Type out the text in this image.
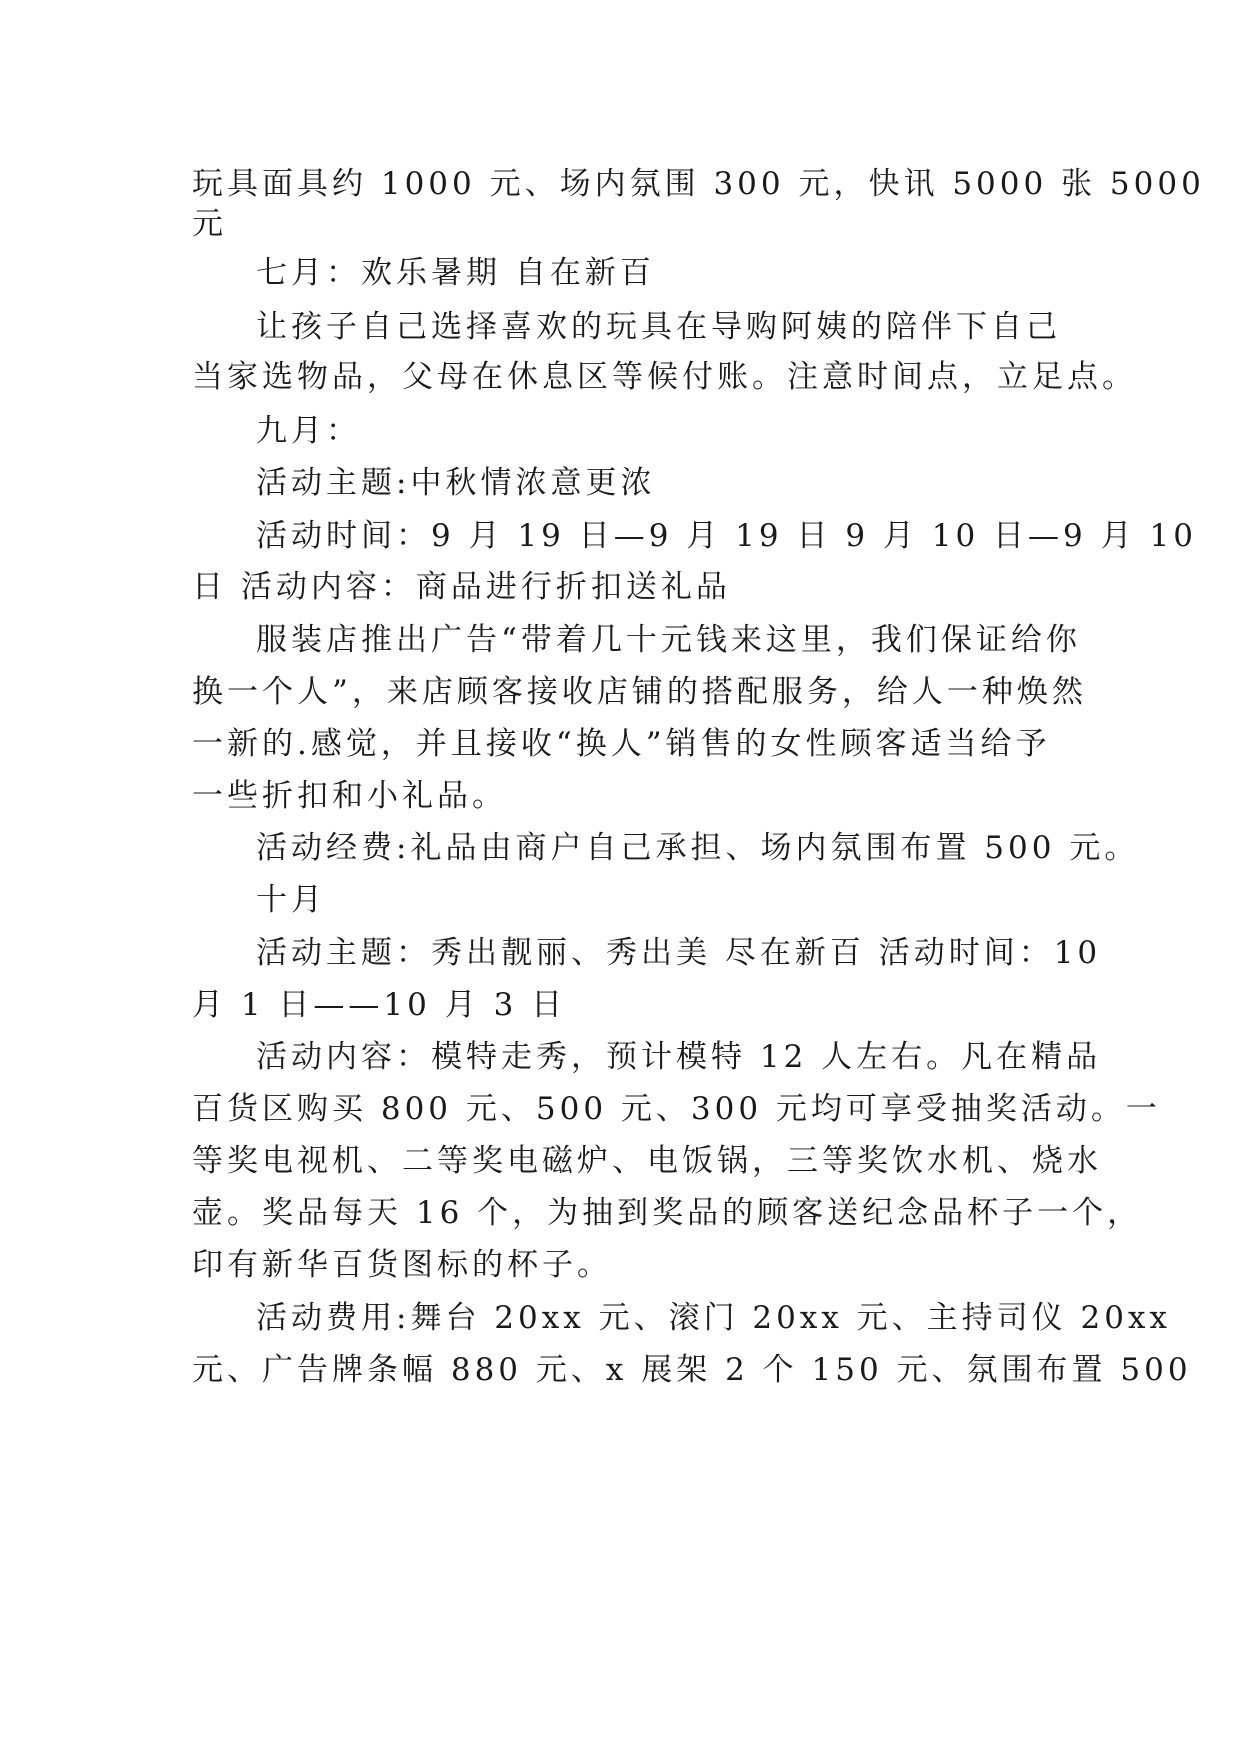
玩具面具约 1000 元、场内氛围 300 元，快讯 5000 张 5000
元
七月：欢乐暑期 自在新百
让孩子自己选择喜欢的玩具在导购阿姨的陪伴下自己
当家选物品，父母在休息区等候付账。注意时间点，立足点。
九月：
活动主题:中秋情浓意更浓
活动时间：9 月 19 日—9 月 19 日 9 月 10 日—9 月 10
日 活动内容：商品进行折扣送礼品
服装店推出广告“带着几十元钱来这里，我们保证给你
换一个人”，来店顾客接收店铺的搭配服务，给人一种焕然
一新的.感觉，并且接收“换人”销售的女性顾客适当给予
一些折扣和小礼品。
活动经费:礼品由商户自己承担、场内氛围布置 500 元。
十月
活动主题：秀出靓丽、秀出美 尽在新百 活动时间：10
月 1 日——10 月 3 日
活动内容：模特走秀，预计模特 12 人左右。凡在精品
百货区购买 800 元、500 元、300 元均可享受抽奖活动。一
等奖电视机、二等奖电磁炉、电饭锅，三等奖饮水机、烧水
壶。奖品每天 16 个，为抽到奖品的顾客送纪念品杯子一个，
印有新华百货图标的杯子。
活动费用:舞台 20xx 元、滚门 20xx 元、主持司仪 20xx
元、广告牌条幅 880 元、x 展架 2 个 150 元、氛围布置 500
